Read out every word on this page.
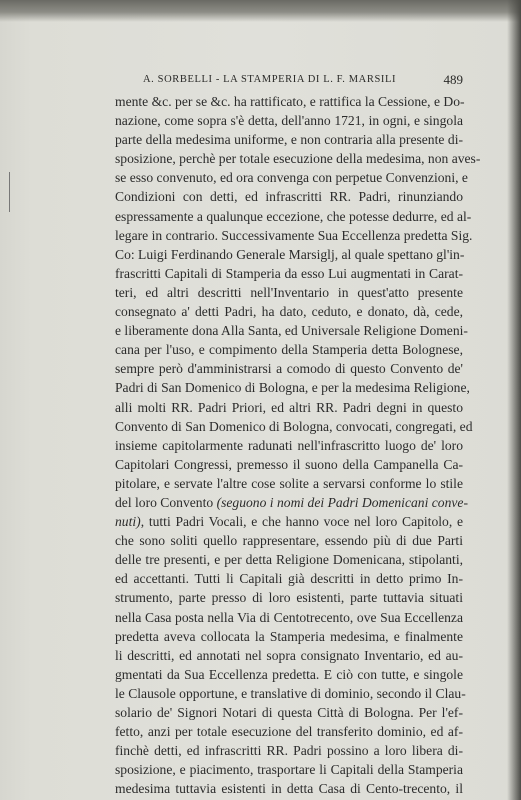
A. SORBELLI - LA STAMPERIA DI L. F. MARSILI	489
mente &c. per se &c. ha rattificato, e rattifica la Cessione, e Do-
nazione, come sopra s'è detta, dell'anno 1721, in ogni, e singola
parte della medesima uniforme, e non contraria alla presente di-
sposizione, perchè per totale esecuzione della medesima, non aves-
se esso convenuto, ed ora convenga con perpetue Convenzioni, e
Condizioni con detti, ed infrascritti RR. Padri, rinunziando
espressamente a qualunque eccezione, che potesse dedurre, ed al-
legare in contrario. Successivamente Sua Eccellenza predetta Sig.
Co: Luigi Ferdinando Generale Marsiglj, al quale spettano gl'in-
frascritti Capitali di Stamperia da esso Lui augmentati in Carat-
teri, ed altri descritti nell'Inventario in quest'atto presente
consegnato a' detti Padri, ha dato, ceduto, e donato, dà, cede,
e liberamente dona Alla Santa, ed Universale Religione Domeni-
cana per l'uso, e compimento della Stamperia detta Bolognese,
sempre però d'amministrarsi a comodo di questo Convento de'
Padri di San Domenico di Bologna, e per la medesima Religione,
alli molti RR. Padri Priori, ed altri RR. Padri degni in questo
Convento di San Domenico di Bologna, convocati, congregati, ed
insieme capitolarmente radunati nell'infrascritto luogo de' loro
Capitolari Congressi, premesso il suono della Campanella Ca-
pitolare, e servate l'altre cose solite a servarsi conforme lo stile
del loro Convento (seguono i nomi dei Padri Domenicani conve-
nuti), tutti Padri Vocali, e che hanno voce nel loro Capitolo, e
che sono soliti quello rappresentare, essendo più di due Parti
delle tre presenti, e per detta Religione Domenicana, stipolanti,
ed accettanti. Tutti li Capitali già descritti in detto primo In-
strumento, parte presso di loro esistenti, parte tuttavia situati
nella Casa posta nella Via di Centotrecento, ove Sua Eccellenza
predetta aveva collocata la Stamperia medesima, e finalmente
li descritti, ed annotati nel sopra consignato Inventario, ed au-
gmentati da Sua Eccellenza predetta. E ciò con tutte, e singole
le Clausole opportune, e translative di dominio, secondo il Clau-
solario de' Signori Notari di questa Città di Bologna. Per l'ef-
fetto, anzi per totale esecuzione del transferito dominio, ed af-
finchè detti, ed infrascritti RR. Padri possino a loro libera di-
sposizione, e piacimento, trasportare li Capitali della Stamperia
medesima tuttavia esistenti in detta Casa di Cento-trecento, il
